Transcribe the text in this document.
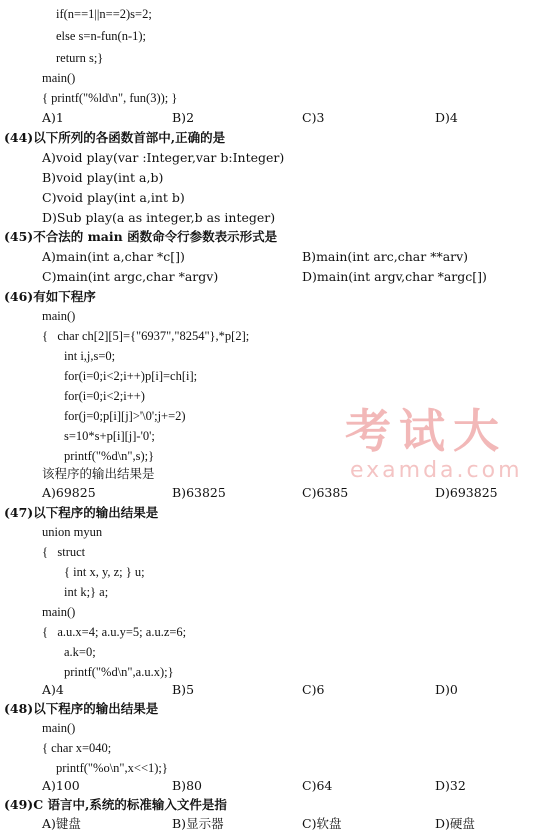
考试大
examda.com
if(n==1||n==2)s=2;
else s=n-fun(n-1);
return s;}
main()
{ printf("%ld\n", fun(3)); }
A)1	B)2	C)3	D)4
(44)以下所列的各函数首部中,正确的是
A)void play(var :Integer,var b:Integer)
B)void play(int a,b)
C)void play(int a,int b)
D)Sub play(a as integer,b as integer)
(45)不合法的 main 函数命令行参数表示形式是
A)main(int a,char *c[])	B)main(int arc,char **arv)
C)main(int argc,char *argv)	D)main(int argv,char *argc[])
(46)有如下程序
main()
{   char ch[2][5]={"6937","8254"},*p[2];
int i,j,s=0;
for(i=0;i<2;i++)p[i]=ch[i];
for(i=0;i<2;i++)
for(j=0;p[i][j]>'\0';j+=2)
s=10*s+p[i][j]-'0';
printf("%d\n",s);}
该程序的输出结果是
A)69825	B)63825	C)6385	D)693825
(47)以下程序的输出结果是
union myun
{   struct
{ int x, y, z; } u;
int k;} a;
main()
{   a.u.x=4; a.u.y=5; a.u.z=6;
a.k=0;
printf("%d\n",a.u.x);}
A)4	B)5	C)6	D)0
(48)以下程序的输出结果是
main()
{ char x=040;
printf("%o\n",x<<1);}
A)100	B)80	C)64	D)32
(49)C 语言中,系统的标准输入文件是指
A)键盘	B)显示器	C)软盘	D)硬盘
